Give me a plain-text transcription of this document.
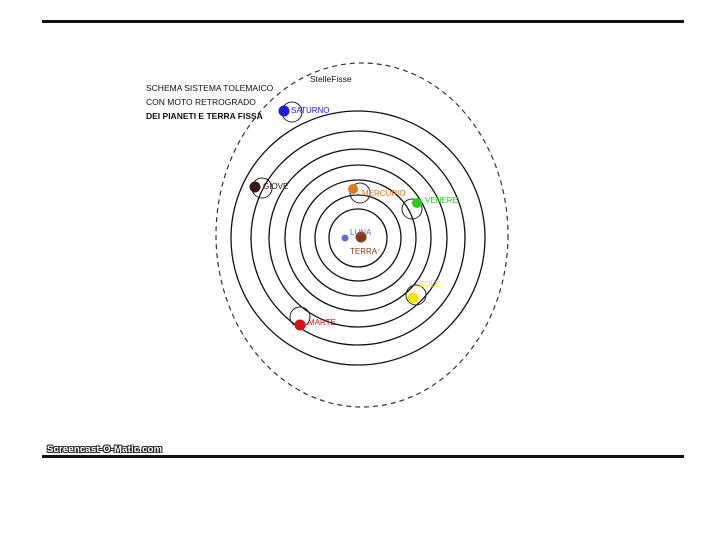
SCHEMA SISTEMA TOLEMAICO
CON MOTO RETROGRADO
DEI PIANETI E TERRA FISSA
StelleFisse
SATURNO
GIOVE
MERCURIO
VENERE
SOLE
MARTE
LUNA
TERRA
Screencast-O-Matic.com
